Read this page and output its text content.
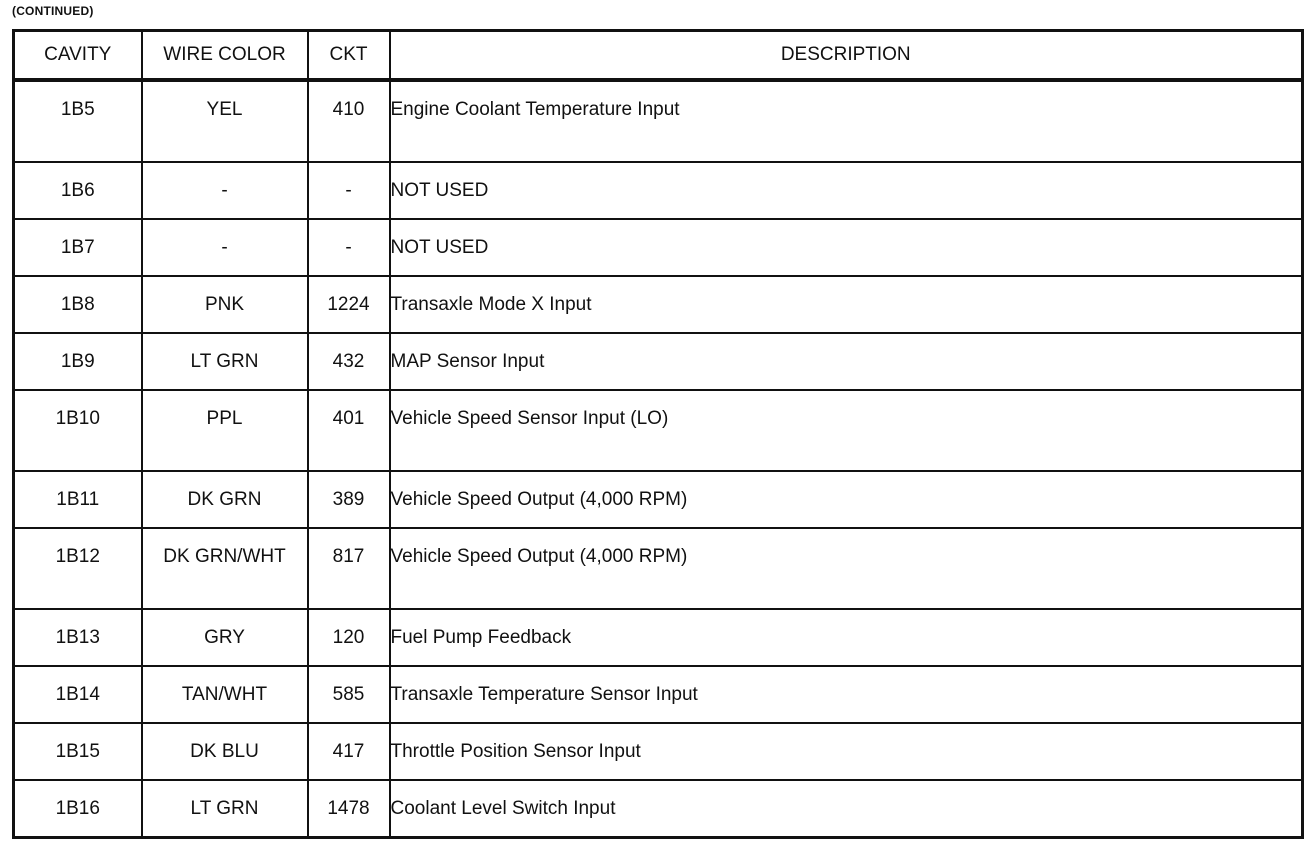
(CONTINUED)
CAVITY	WIRE COLOR	CKT	DESCRIPTION
1B5	YEL	410	Engine Coolant Temperature Input
1B6	-	-	NOT USED
1B7	-	-	NOT USED
1B8	PNK	1224	Transaxle Mode X Input
1B9	LT GRN	432	MAP Sensor Input
1B10	PPL	401	Vehicle Speed Sensor Input (LO)
1B11	DK GRN	389	Vehicle Speed Output (4,000 RPM)
1B12	DK GRN/WHT	817	Vehicle Speed Output (4,000 RPM)
1B13	GRY	120	Fuel Pump Feedback
1B14	TAN/WHT	585	Transaxle Temperature Sensor Input
1B15	DK BLU	417	Throttle Position Sensor Input
1B16	LT GRN	1478	Coolant Level Switch Input
